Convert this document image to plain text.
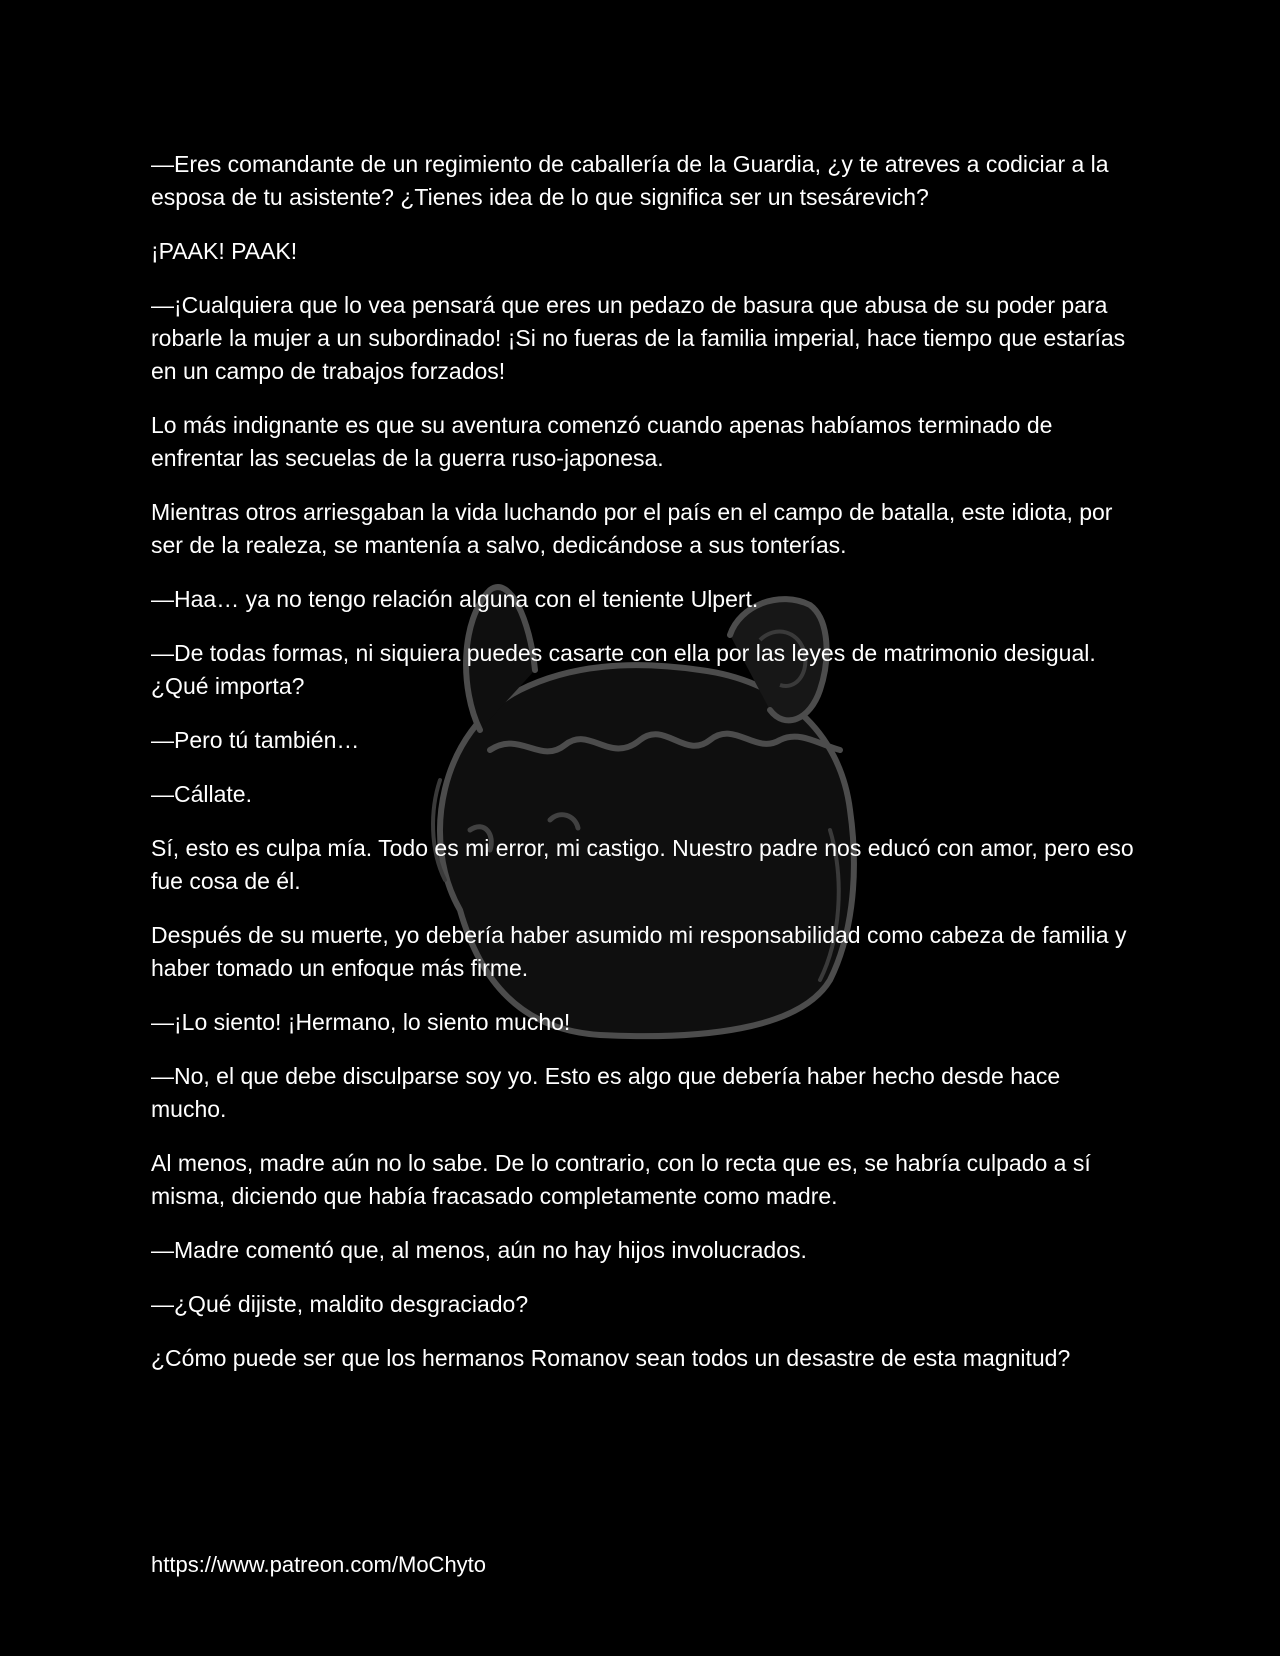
—Eres comandante de un regimiento de caballería de la Guardia, ¿y te atreves a codiciar a la esposa de tu asistente? ¿Tienes idea de lo que significa ser un tsesárevich?

¡PAAK! PAAK!

—¡Cualquiera que lo vea pensará que eres un pedazo de basura que abusa de su poder para robarle la mujer a un subordinado! ¡Si no fueras de la familia imperial, hace tiempo que estarías en un campo de trabajos forzados!

Lo más indignante es que su aventura comenzó cuando apenas habíamos terminado de enfrentar las secuelas de la guerra ruso-japonesa.

Mientras otros arriesgaban la vida luchando por el país en el campo de batalla, este idiota, por ser de la realeza, se mantenía a salvo, dedicándose a sus tonterías.

—Haa… ya no tengo relación alguna con el teniente Ulpert.

—De todas formas, ni siquiera puedes casarte con ella por las leyes de matrimonio desigual. ¿Qué importa?

—Pero tú también…

—Cállate.

Sí, esto es culpa mía. Todo es mi error, mi castigo. Nuestro padre nos educó con amor, pero eso fue cosa de él.

Después de su muerte, yo debería haber asumido mi responsabilidad como cabeza de familia y haber tomado un enfoque más firme.

—¡Lo siento! ¡Hermano, lo siento mucho!

—No, el que debe disculparse soy yo. Esto es algo que debería haber hecho desde hace mucho.

Al menos, madre aún no lo sabe. De lo contrario, con lo recta que es, se habría culpado a sí misma, diciendo que había fracasado completamente como madre.

—Madre comentó que, al menos, aún no hay hijos involucrados.

—¿Qué dijiste, maldito desgraciado?

¿Cómo puede ser que los hermanos Romanov sean todos un desastre de esta magnitud?

https://www.patreon.com/MoChyto
